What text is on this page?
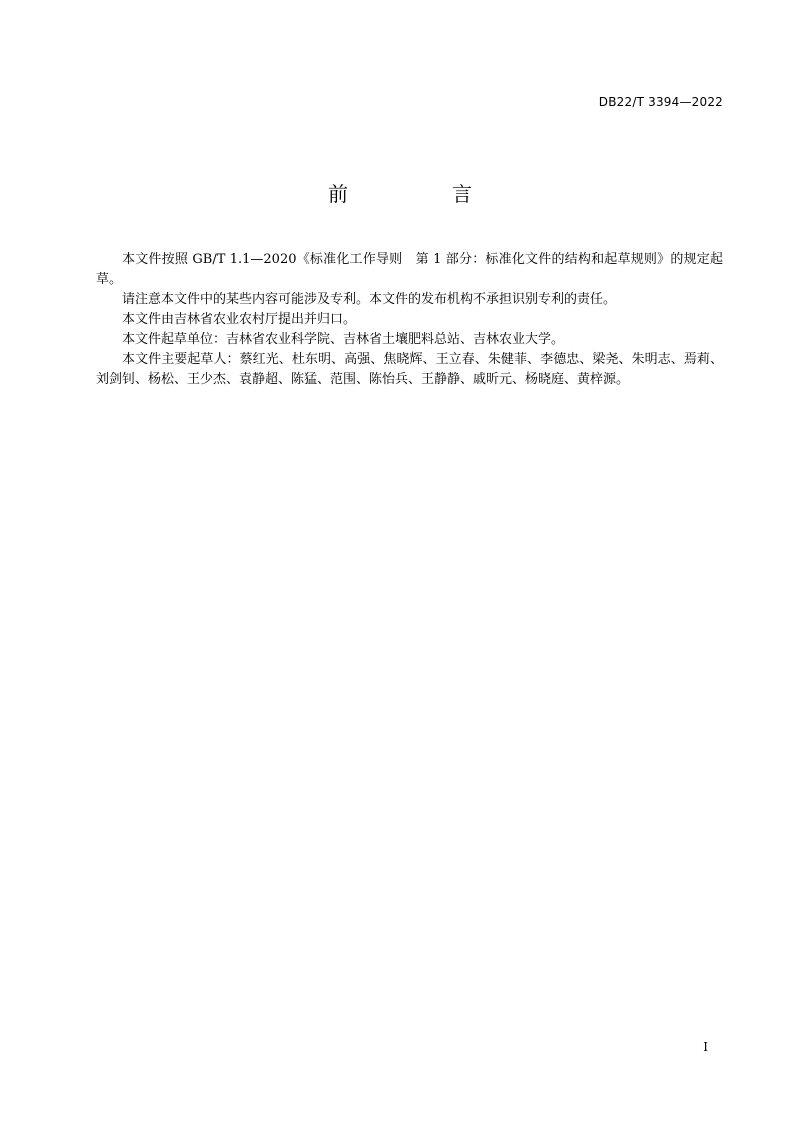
DB22/T 3394—2022
前　言

本文件按照 GB/T 1.1—2020《标准化工作导则　第 1 部分：标准化文件的结构和起草规则》的规定起草。

请注意本文件中的某些内容可能涉及专利。本文件的发布机构不承担识别专利的责任。

本文件由吉林省农业农村厅提出并归口。

本文件起草单位：吉林省农业科学院、吉林省土壤肥料总站、吉林农业大学。

本文件主要起草人：蔡红光、杜东明、高强、焦晓辉、王立春、朱健菲、李德忠、梁尧、朱明志、焉莉、刘剑钊、杨松、王少杰、袁静超、陈猛、范围、陈怡兵、王静静、戚昕元、杨晓庭、黄梓源。

I
